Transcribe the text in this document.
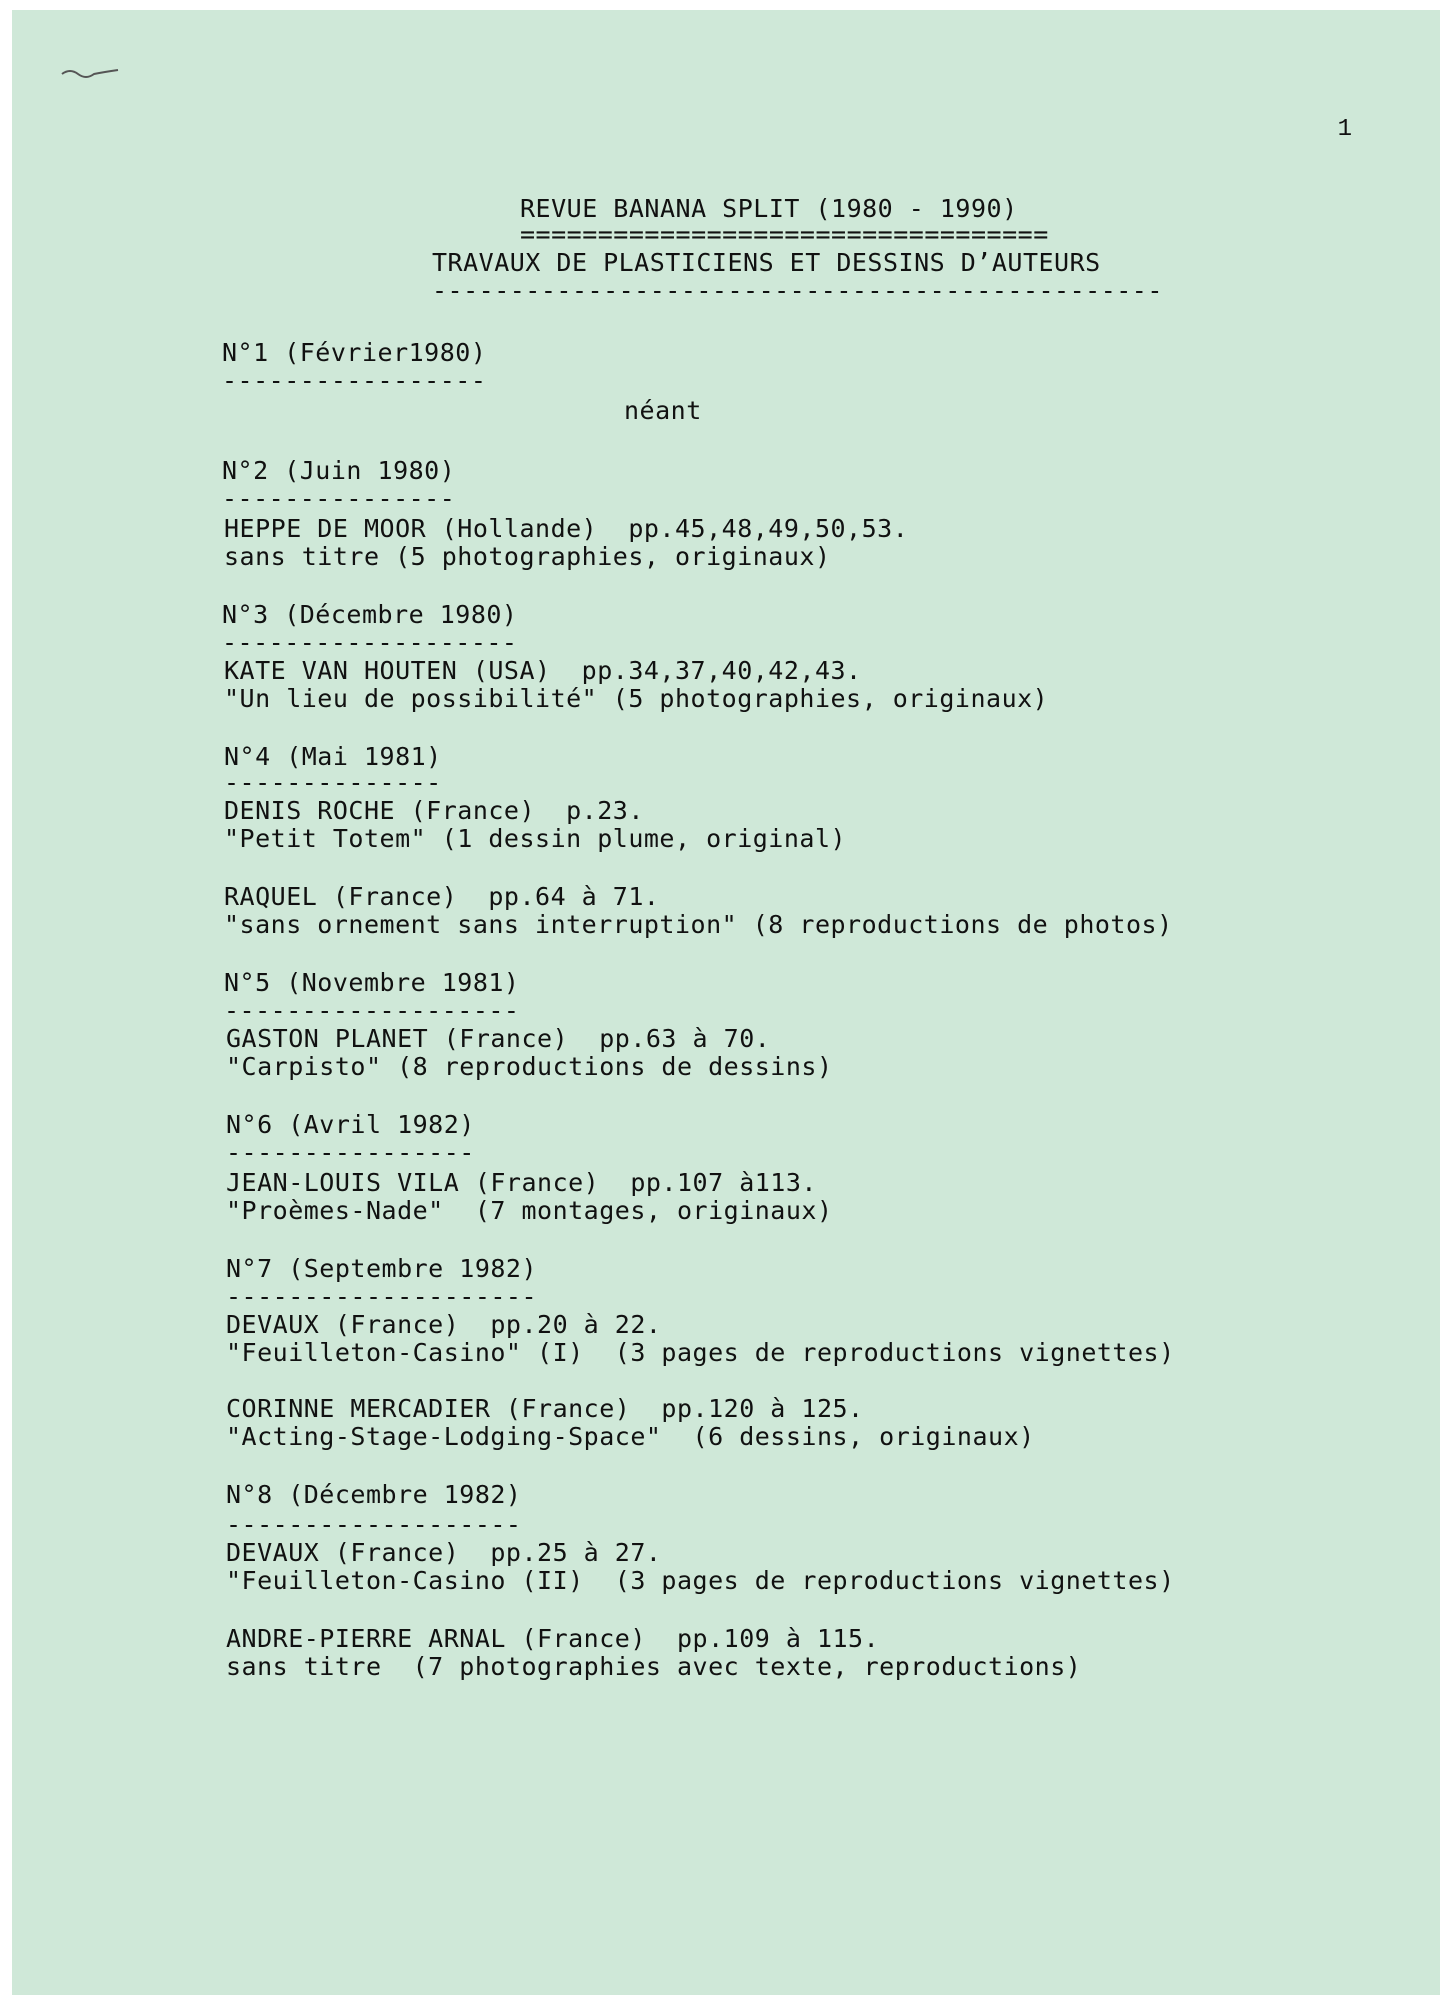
1
REVUE BANANA SPLIT (1980 - 1990)
==================================
TRAVAUX DE PLASTICIENS ET DESSINS D’AUTEURS
-----------------------------------------------
N°1 (Février1980)
-----------------
néant
N°2 (Juin 1980)
---------------
HEPPE DE MOOR (Hollande)  pp.45,48,49,50,53.
sans titre (5 photographies, originaux)
N°3 (Décembre 1980)
-------------------
KATE VAN HOUTEN (USA)  pp.34,37,40,42,43.
"Un lieu de possibilité" (5 photographies, originaux)
N°4 (Mai 1981)
--------------
DENIS ROCHE (France)  p.23.
"Petit Totem" (1 dessin plume, original)
RAQUEL (France)  pp.64 à 71.
"sans ornement sans interruption" (8 reproductions de photos)
N°5 (Novembre 1981)
-------------------
GASTON PLANET (France)  pp.63 à 70.
"Carpisto" (8 reproductions de dessins)
N°6 (Avril 1982)
----------------
JEAN-LOUIS VILA (France)  pp.107 à113.
"Proèmes-Nade"  (7 montages, originaux)
N°7 (Septembre 1982)
--------------------
DEVAUX (France)  pp.20 à 22.
"Feuilleton-Casino" (I)  (3 pages de reproductions vignettes)
CORINNE MERCADIER (France)  pp.120 à 125.
"Acting-Stage-Lodging-Space"  (6 dessins, originaux)
N°8 (Décembre 1982)
-------------------
DEVAUX (France)  pp.25 à 27.
"Feuilleton-Casino (II)  (3 pages de reproductions vignettes)
ANDRE-PIERRE ARNAL (France)  pp.109 à 115.
sans titre  (7 photographies avec texte, reproductions)
